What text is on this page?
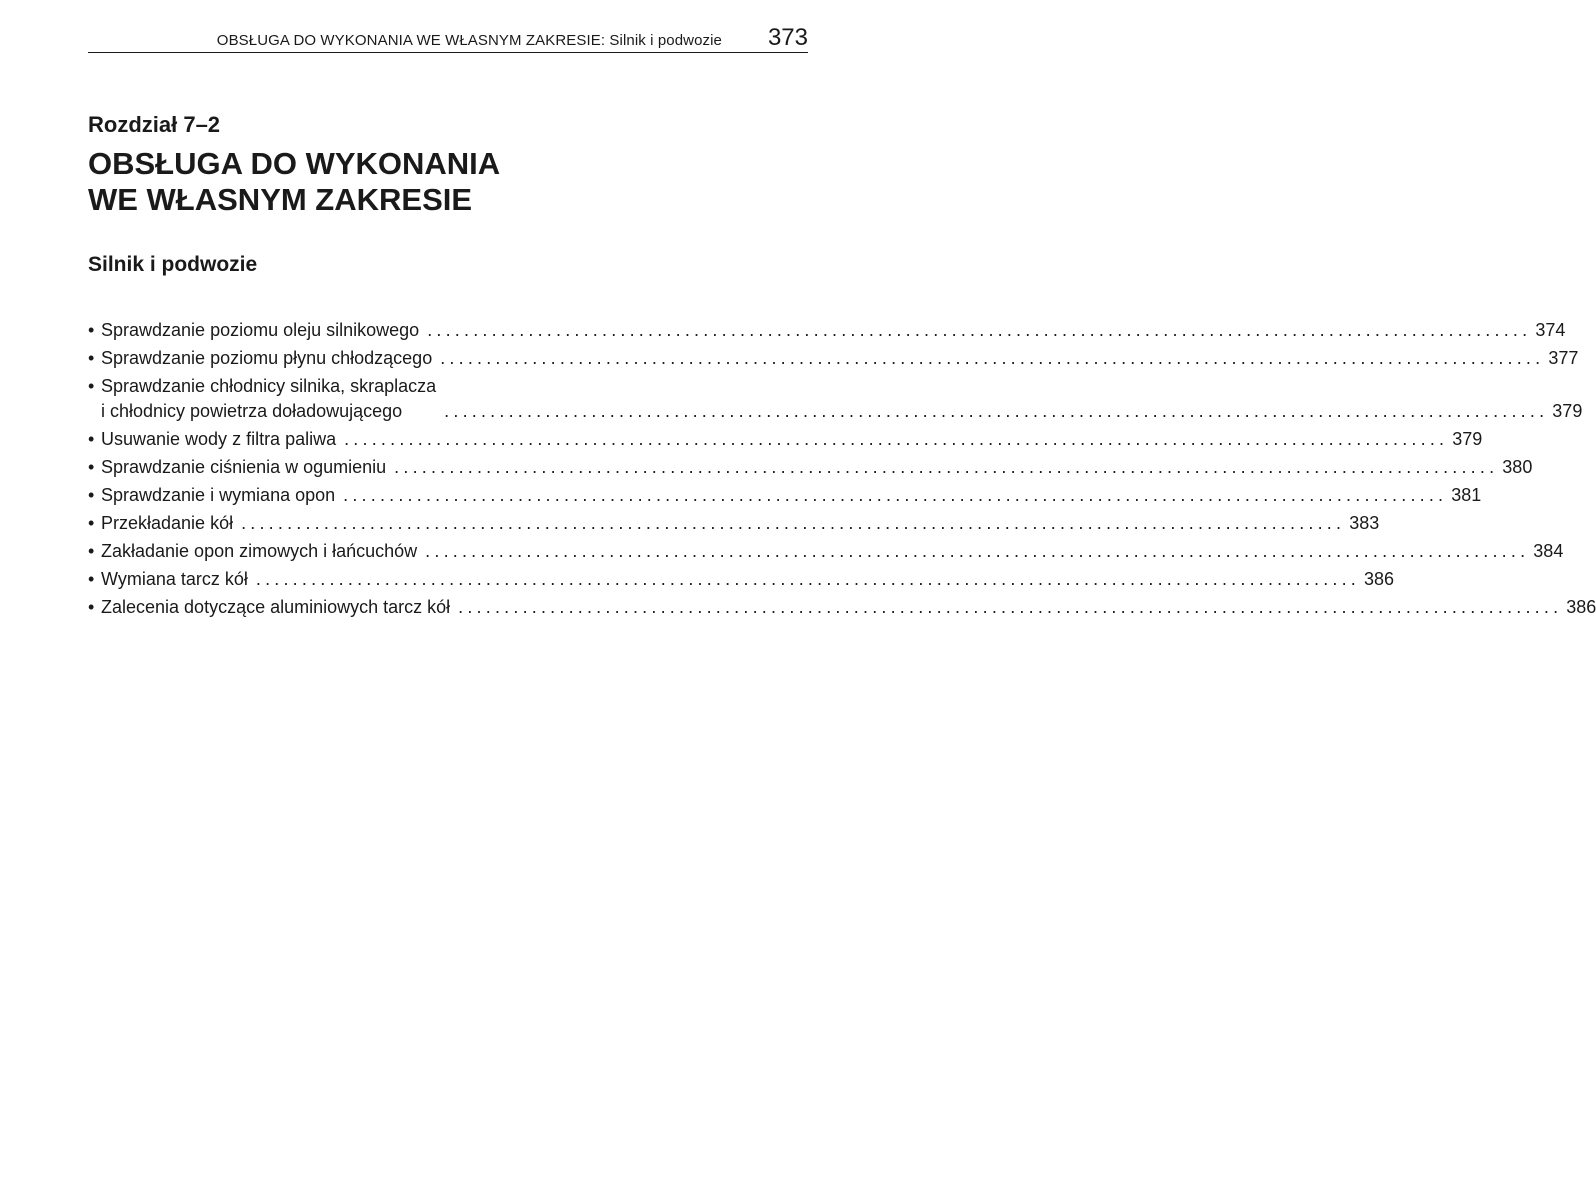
OBSŁUGA DO WYKONANIA WE WŁASNYM ZAKRESIE: Silnik i podwozie 373
Rozdział 7–2
OBSŁUGA DO WYKONANIA
WE WŁASNYM ZAKRESIE
Silnik i podwozie
• Sprawdzanie poziomu oleju silnikowego ........................................................................................................................ 374
• Sprawdzanie poziomu płynu chłodzącego ........................................................................................................................ 377
• Sprawdzanie chłodnicy silnika, skraplacza
i chłodnicy powietrza doładowującego	........................................................................................................................ 379
• Usuwanie wody z filtra paliwa ........................................................................................................................ 379
• Sprawdzanie ciśnienia w ogumieniu ........................................................................................................................ 380
• Sprawdzanie i wymiana opon ........................................................................................................................ 381
• Przekładanie kół ........................................................................................................................ 383
• Zakładanie opon zimowych i łańcuchów ........................................................................................................................ 384
• Wymiana tarcz kół ........................................................................................................................ 386
• Zalecenia dotyczące aluminiowych tarcz kół ........................................................................................................................ 386
